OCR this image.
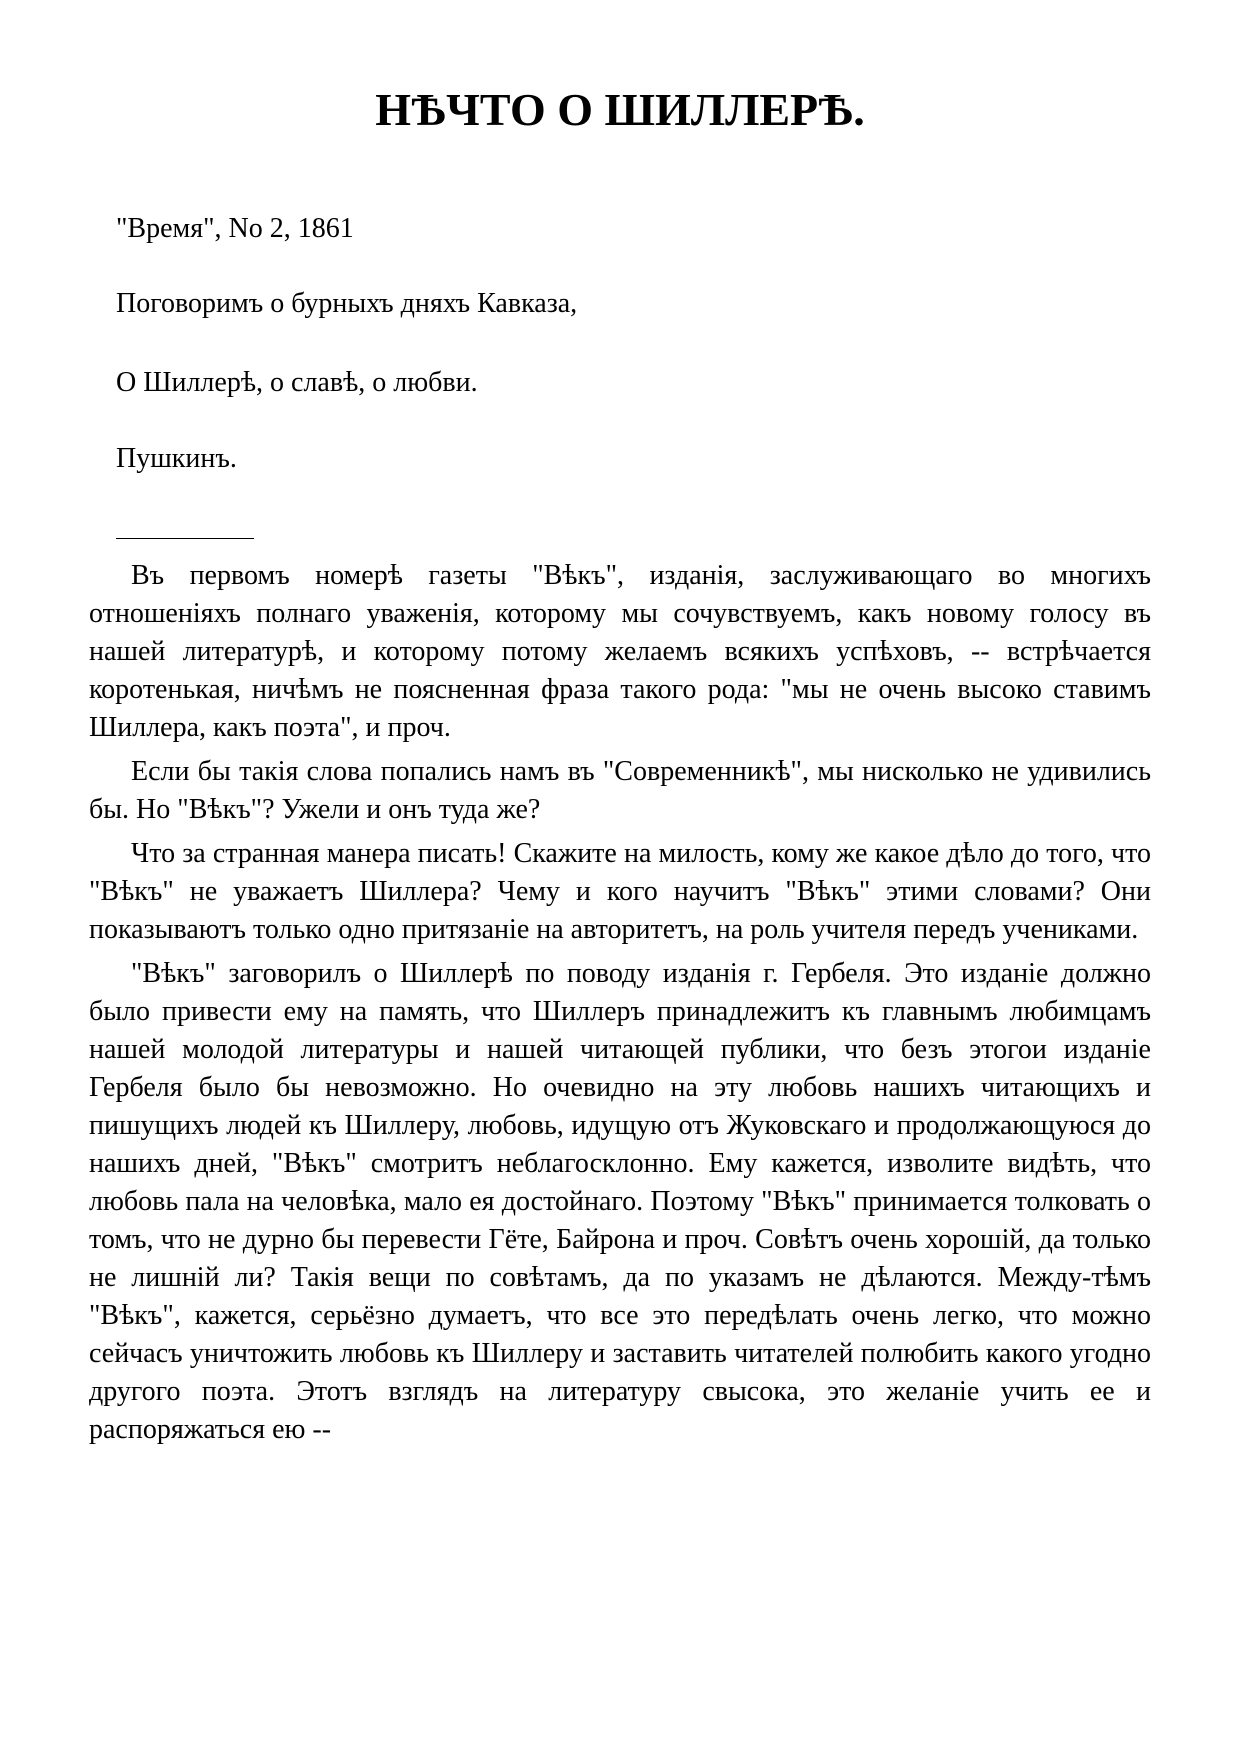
НѢЧТО О ШИЛЛЕРѢ.

"Время", No 2, 1861

Поговоримъ о бурныхъ дняхъ Кавказа,

О Шиллерѣ, о славѣ, о любви.

Пушкинъ.

Въ первомъ номерѣ газеты "Вѣкъ", изданія, заслуживающаго во многихъ отношеніяхъ полнаго уваженія, которому мы сочувствуемъ, какъ новому голосу въ нашей литературѣ, и которому потому желаемъ всякихъ успѣховъ, -- встрѣчается коротенькая, ничѣмъ не поясненная фраза такого рода: "мы не очень высоко ставимъ Шиллера, какъ поэта", и проч.

Если бы такія слова попались намъ въ "Современникѣ", мы нисколько не удивились бы. Но "Вѣкъ"? Ужели и онъ туда же?

Что за странная манера писать! Скажите на милость, кому же какое дѣло до того, что "Вѣкъ" не уважаетъ Шиллера? Чему и кого научитъ "Вѣкъ" этими словами? Они показываютъ только одно притязаніе на авторитетъ, на роль учителя передъ учениками.

"Вѣкъ" заговорилъ о Шиллерѣ по поводу изданія г. Гербеля. Это изданіе должно было привести ему на память, что Шиллеръ принадлежитъ къ главнымъ любимцамъ нашей молодой литературы и нашей читающей публики, что безъ этогои изданіе Гербеля было бы невозможно. Но очевидно на эту любовь нашихъ читающихъ и пишущихъ людей къ Шиллеру, любовь, идущую отъ Жуковскаго и продолжающуюся до нашихъ дней, "Вѣкъ" смотритъ неблагосклонно. Ему кажется, изволите видѣть, что любовь пала на человѣка, мало ея достойнаго. Поэтому "Вѣкъ" принимается толковать о томъ, что не дурно бы перевести Гёте, Байрона и проч. Совѣтъ очень хорошій, да только не лишній ли? Такія вещи по совѣтамъ, да по указамъ не дѣлаются. Между-тѣмъ "Вѣкъ", кажется, серьёзно думаетъ, что все это передѣлать очень легко, что можно сейчасъ уничтожить любовь къ Шиллеру и заставить читателей полюбить какого угодно другого поэта. Этотъ взглядъ на литературу свысока, это желаніе учить ее и распоряжаться ею --
